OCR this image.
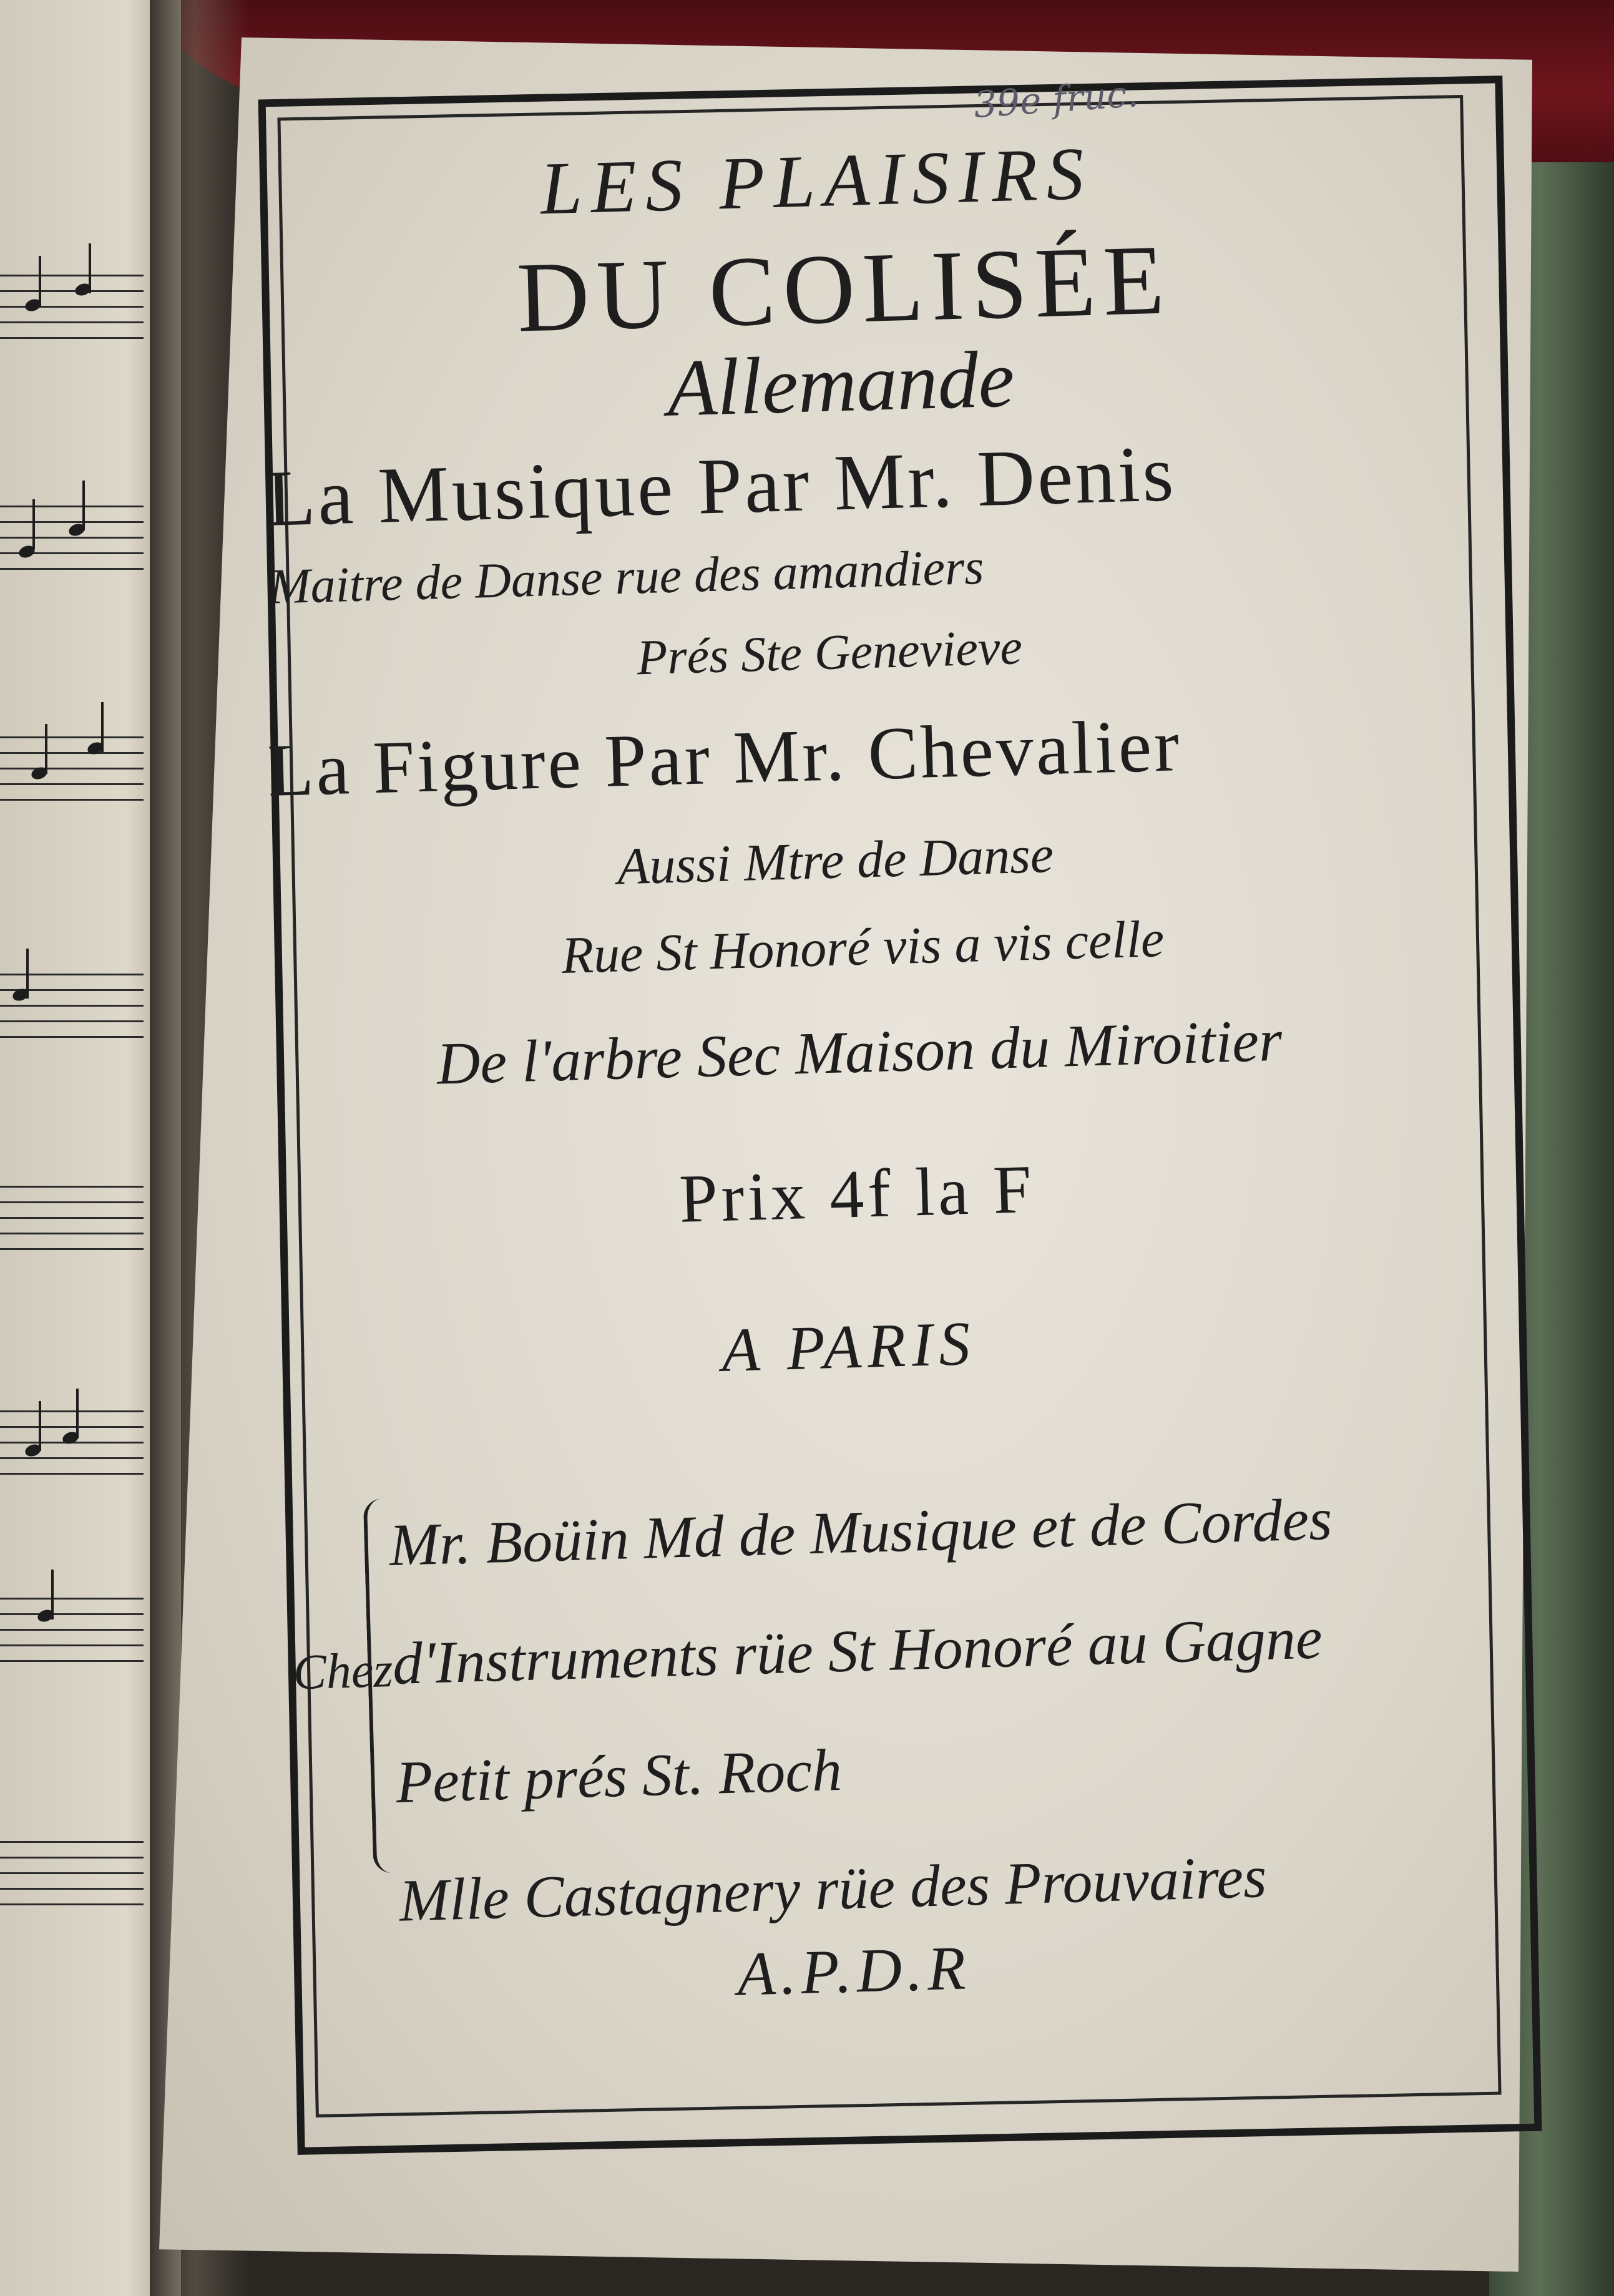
39e fruc.
LES PLAISIRS
DU COLISÉE
Allemande
La Musique Par Mr. Denis
Maitre de Danse rue des amandiers
Prés Ste Genevieve
La Figure Par Mr. Chevalier
Aussi Mtre de Danse
Rue St Honoré vis a vis celle
De l'arbre Sec Maison du Miroitier
Prix 4f la F
A PARIS
Chez
Mr. Boüin Md de Musique et de Cordes
d'Instruments rüe St Honoré au Gagne
Petit prés St. Roch
Mlle Castagnery rüe des Prouvaires
A.P.D.R
